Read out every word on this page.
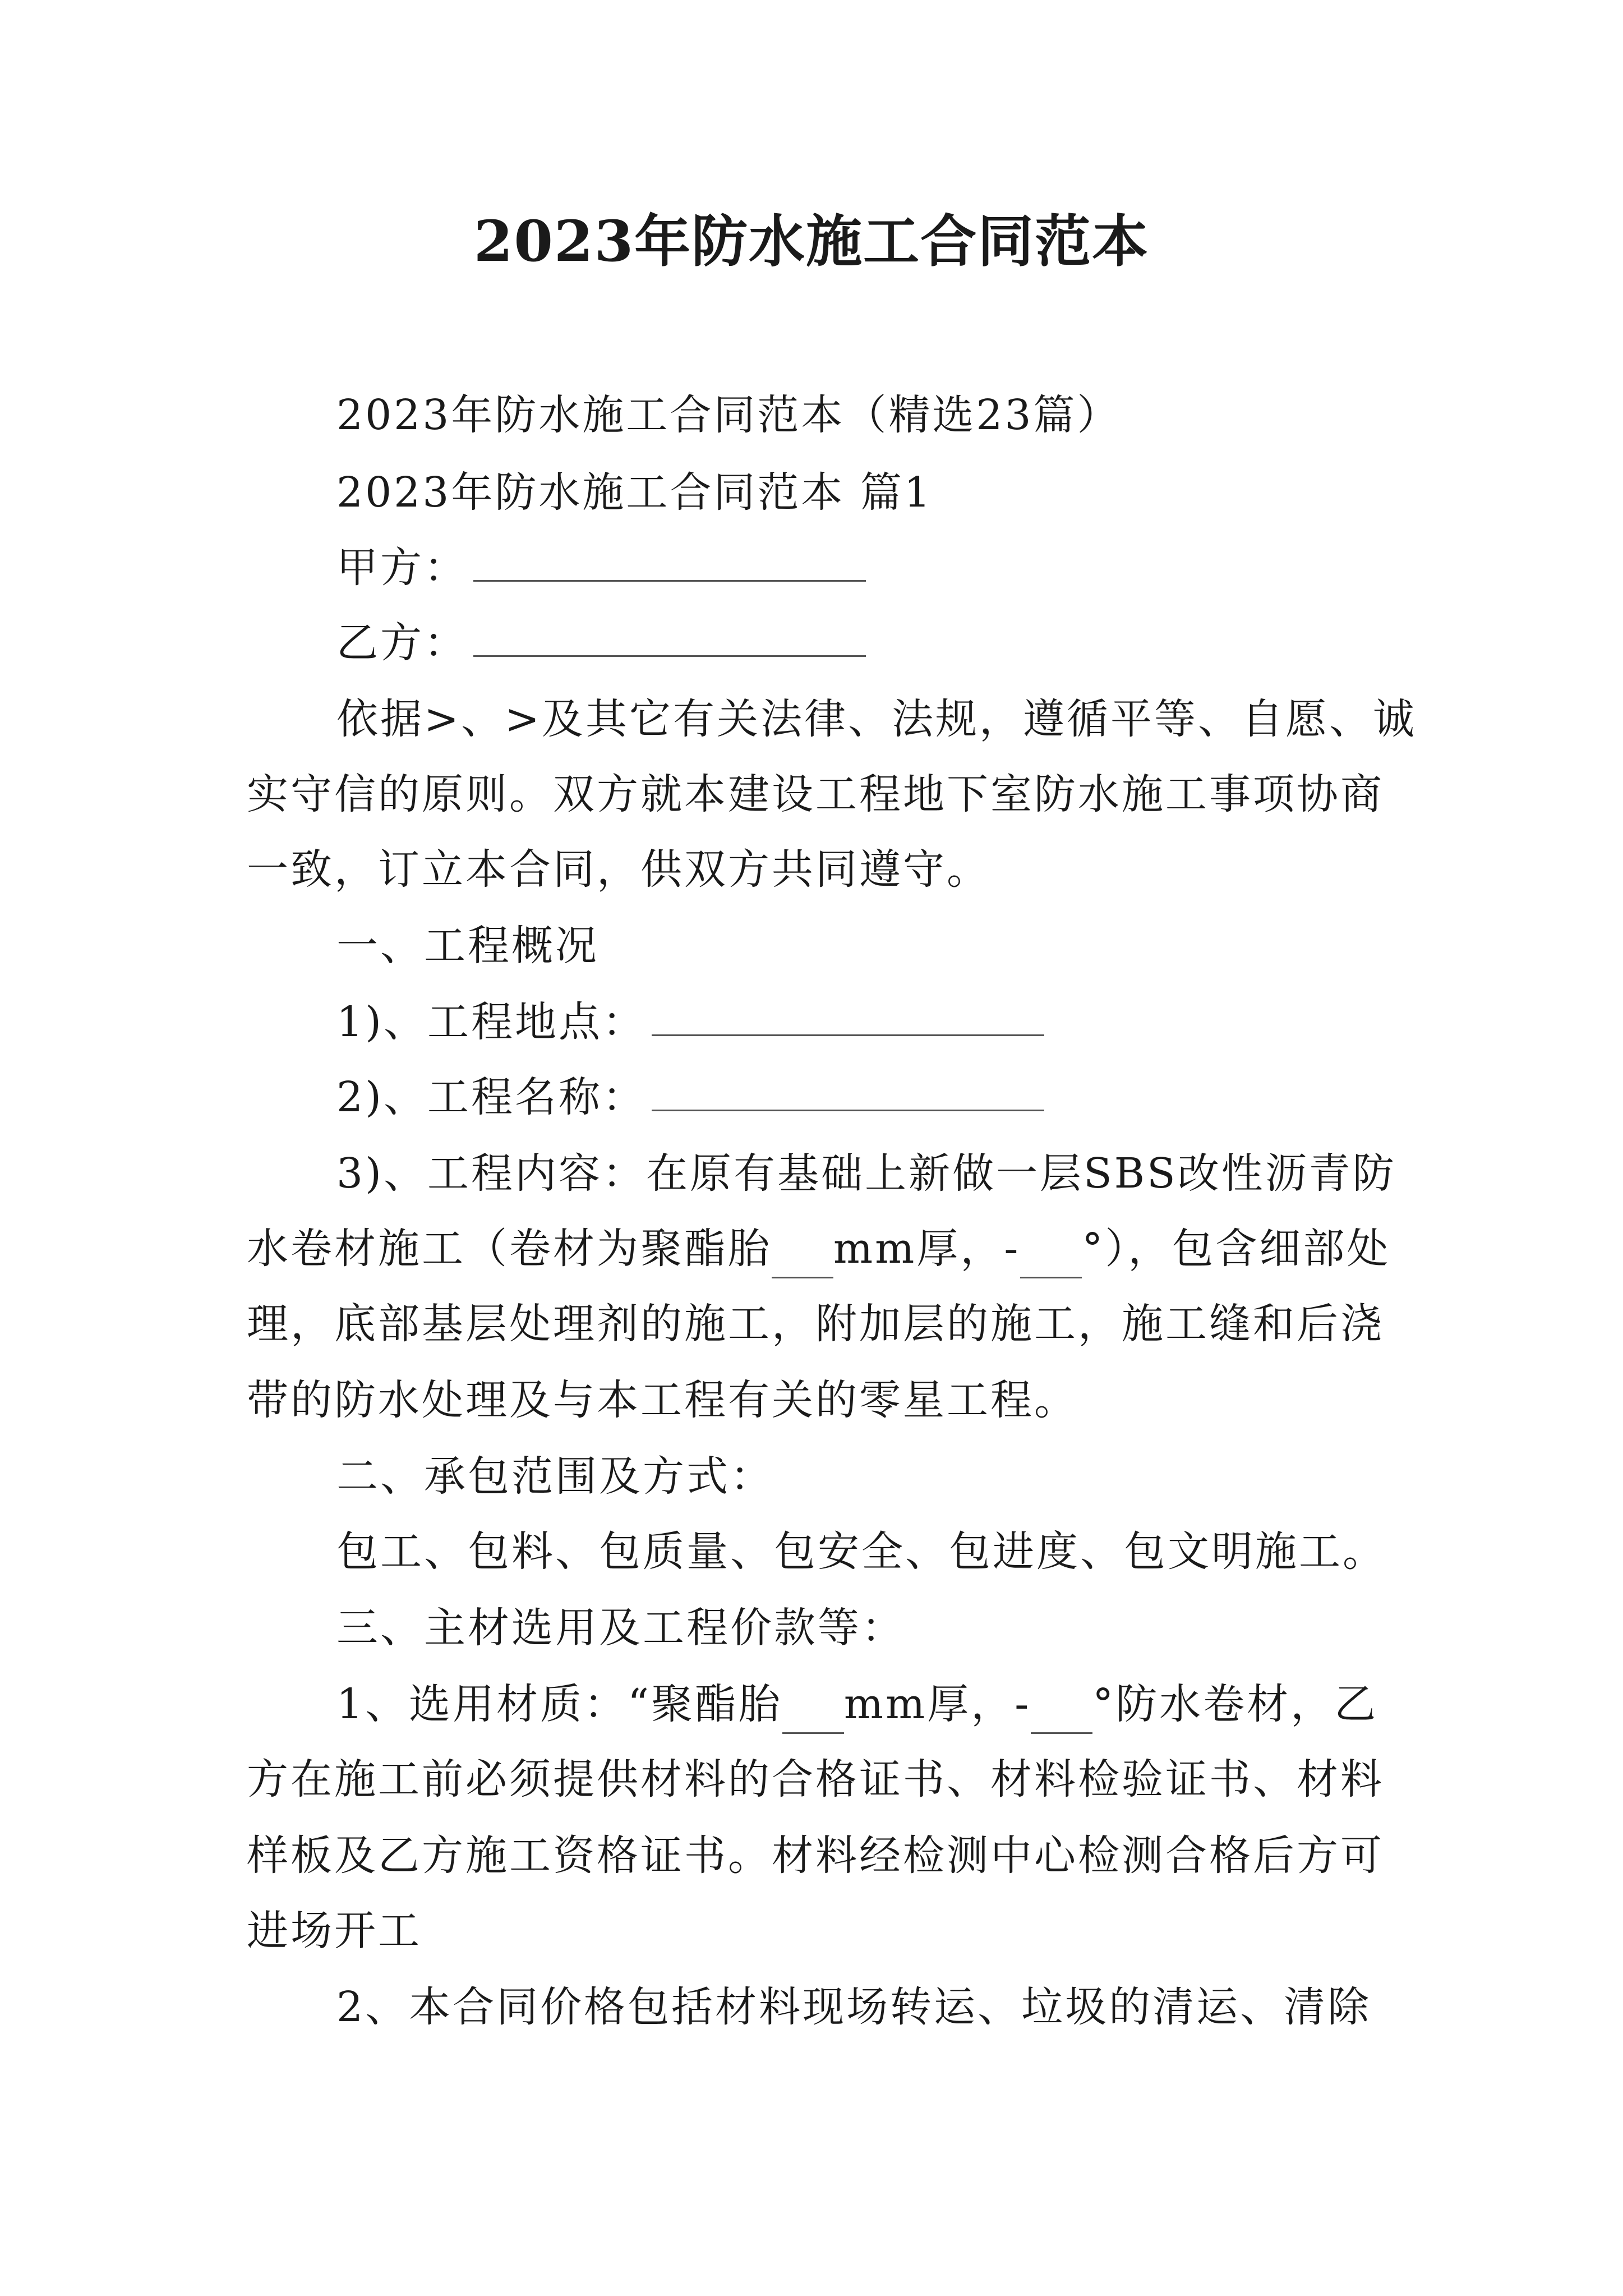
2023年防水施工合同范本
2023年防水施工合同范本（精选23篇）
2023年防水施工合同范本 篇1
甲方：
乙方：
依据>、>及其它有关法律、法规，遵循平等、自愿、诚
实守信的原则。双方就本建设工程地下室防水施工事项协商
一致，订立本合同，供双方共同遵守。
一、工程概况
1)、工程地点：
2)、工程名称：
3)、工程内容：在原有基础上新做一层SBS改性沥青防
水卷材施工（卷材为聚酯胎 mm厚，- °），包含细部处
理，底部基层处理剂的施工，附加层的施工，施工缝和后浇
带的防水处理及与本工程有关的零星工程。
二、承包范围及方式：
包工、包料、包质量、包安全、包进度、包文明施工。
三、主材选用及工程价款等：
1、选用材质：“聚酯胎 mm厚，- °防水卷材，乙
方在施工前必须提供材料的合格证书、材料检验证书、材料
样板及乙方施工资格证书。材料经检测中心检测合格后方可
进场开工
2、本合同价格包括材料现场转运、垃圾的清运、清除
